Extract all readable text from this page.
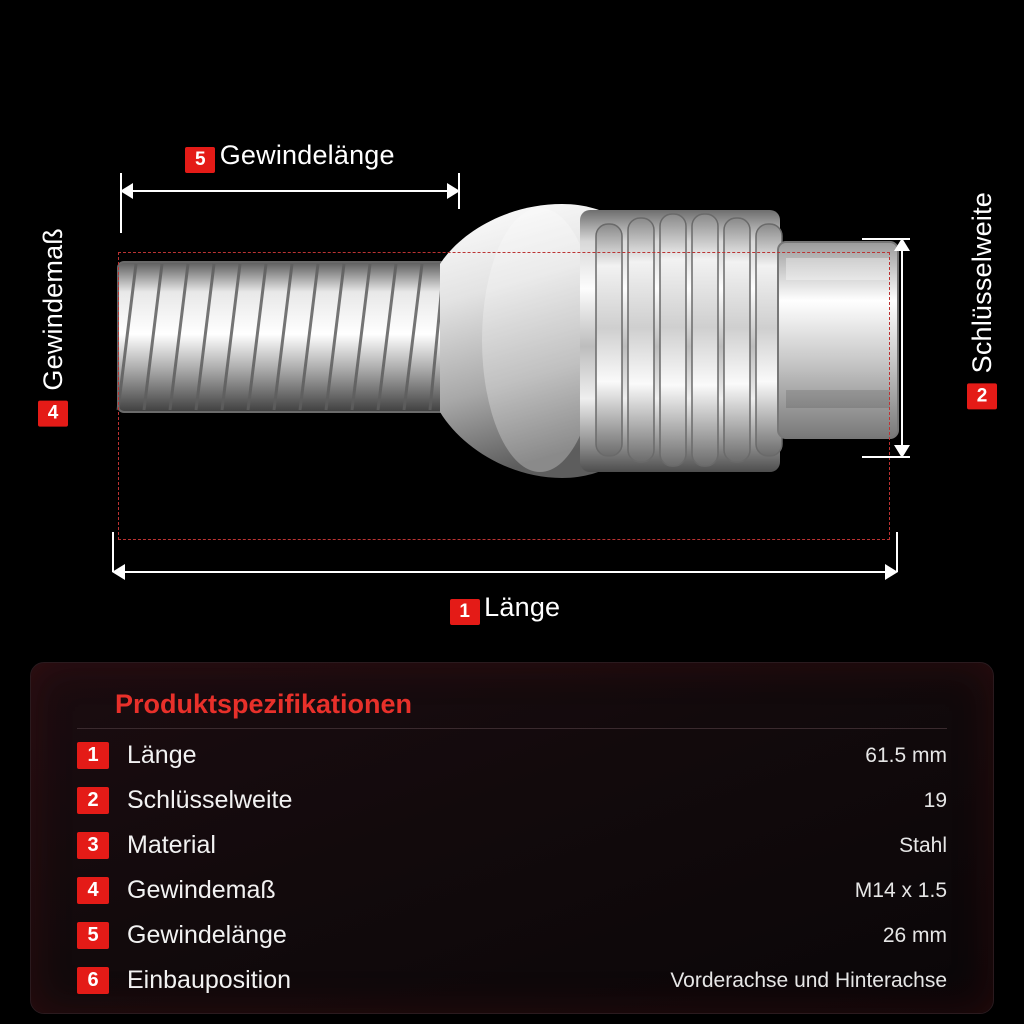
5 Gewindelänge
1 Länge
4
Gewindemaß
2
Schlüsselweite
Produktspezifikationen
1	Länge	61.5 mm
2	Schlüsselweite	19
3	Material	Stahl
4	Gewindemaß	M14 x 1.5
5	Gewindelänge	26 mm
6	Einbauposition	Vorderachse und Hinterachse
